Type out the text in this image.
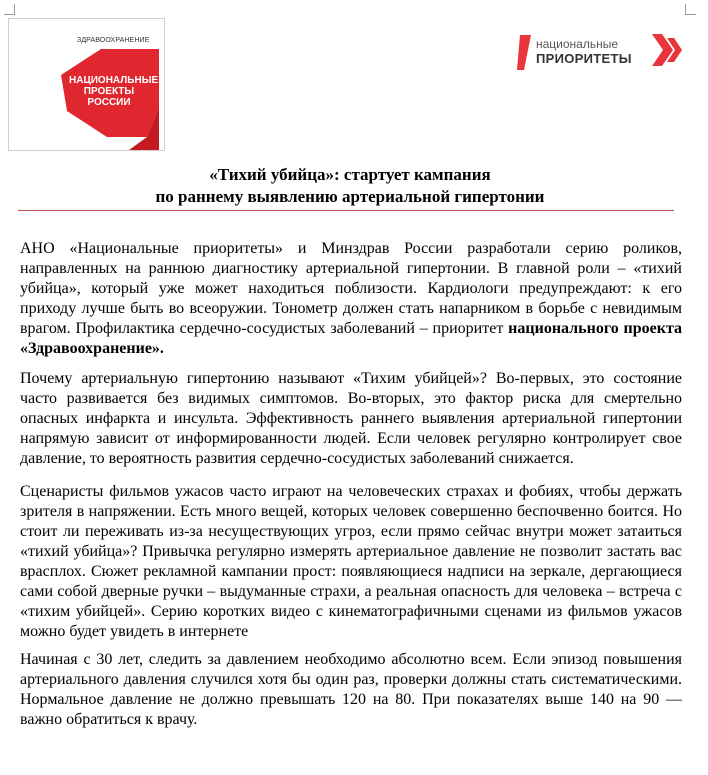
ЗДРАВООХРАНЕНИЕ
НАЦИОНАЛЬНЫЕ
ПРОЕКТЫ
РОССИИ
национальные
ПРИОРИТЕТЫ
«Тихий убийца»: стартует кампания
по раннему выявлению артериальной гипертонии
АНО «Национальные приоритеты» и Минздрав России разработали серию роликов, направленных на раннюю диагностику артериальной гипертонии. В главной роли – «тихий убийца», который уже может находиться поблизости. Кардиологи предупреждают: к его приходу лучше быть во всеоружии. Тонометр должен стать напарником в борьбе с невидимым врагом. Профилактика сердечно-сосудистых заболеваний – приоритет национального проекта «Здравоохранение».
Почему артериальную гипертонию называют «Тихим убийцей»? Во-первых, это состояние часто развивается без видимых симптомов. Во-вторых, это фактор риска для смертельно опасных инфаркта и инсульта. Эффективность раннего выявления артериальной гипертонии напрямую зависит от информированности людей. Если человек регулярно контролирует свое давление, то вероятность развития сердечно-сосудистых заболеваний снижается.
Сценаристы фильмов ужасов часто играют на человеческих страхах и фобиях, чтобы держать зрителя в напряжении. Есть много вещей, которых человек совершенно беспочвенно боится. Но стоит ли переживать из-за несуществующих угроз, если прямо сейчас внутри может затаиться «тихий убийца»? Привычка регулярно измерять артериальное давление не позволит застать вас врасплох. Сюжет рекламной кампании прост: появляющиеся надписи на зеркале, дергающиеся сами собой дверные ручки – выдуманные страхи, а реальная опасность для человека – встреча с «тихим убийцей». Серию коротких видео с кинематографичными сценами из фильмов ужасов можно будет увидеть в интернете
Начиная с 30 лет, следить за давлением необходимо абсолютно всем. Если эпизод повышения артериального давления случился хотя бы один раз, проверки должны стать систематическими. Нормальное давление не должно превышать 120 на 80. При показателях выше 140 на 90 — важно обратиться к врачу.
